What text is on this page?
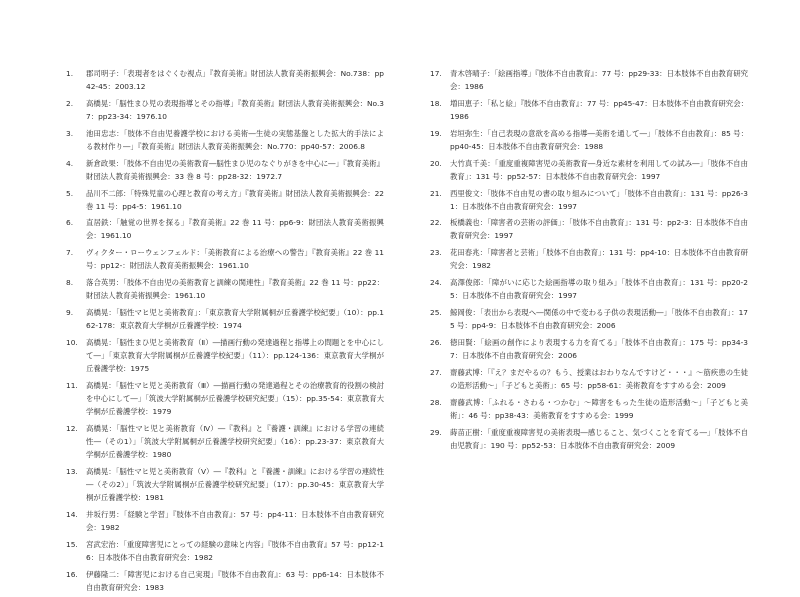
1.	郡司明子：「表現者をはぐくむ視点」『教育美術』財団法人教育美術振興会：No.738：pp42-45：2003.12
2.	高橋晃：「脳性まひ児の表現指導とその指導」『教育美術』財団法人教育美術振興会：No.37：pp23-34：1976.10
3.	池田忠志：「肢体不自由児養護学校における美術―生徒の実態基盤とした拡大的手法による教材作り―」『教育美術』財団法人教育美術振興会：No.770：pp40-57：2006.8
4.	新倉政果：「肢体不自由児の美術教育―脳性まひ児のなぐりがきを中心に―」『教育美術』財団法人教育美術振興会：33 巻 8 号：pp28-32：1972.7
5.	品川不二郎：「特殊児童の心理と教育の考え方」『教育美術』財団法人教育美術振興会：22 巻 11 号：pp4-5：1961.10
6.	直居鉄：「触覚の世界を探る」『教育美術』22 巻 11 号：pp6-9：財団法人教育美術振興会：1961.10
7.	ヴィクター・ローウェンフェルド：「美術教育による治療への警告」『教育美術』22 巻 11 号：pp12-：財団法人教育美術振興会：1961.10
8.	落合英男：「肢体不自由児の美術教育と訓練の関連性」『教育美術』22 巻 11 号：pp22：財団法人教育美術振興会：1961.10
9.	高橋晃：「脳性マヒ児と美術教育」：「東京教育大学附属桐が丘養護学校紀要」（10）：pp.162-178：東京教育大学桐が丘養護学校：1974
10.	高橋晃：「脳性まひ児と美術教育（Ⅱ）―描画行動の発達過程と指導上の問題とを中心にして―」「東京教育大学附属桐が丘養護学校紀要」（11）：pp.124-136：東京教育大学桐が丘養護学校：1975
11.	高橋晃：「脳性マヒ児と美術教育（Ⅲ）―描画行動の発達過程とその治療教育的役割の検討を中心にして―」「筑波大学附属桐が丘養護学校研究紀要」（15）：pp.35-54：東京教育大学桐が丘養護学校：1979
12.	高橋晃：「脳性マヒ児と美術教育（Ⅳ）―『教科』と『養護・訓練』における学習の連続性―（その1）」「筑波大学附属桐が丘養護学校研究紀要」（16）：pp.23-37：東京教育大学桐が丘養護学校：1980
13.	高橋晃：「脳性マヒ児と美術教育（Ⅴ）―『教科』と『養護・訓練』における学習の連続性―（その2）」「筑波大学附属桐が丘養護学校研究紀要」（17）：pp.30-45：東京教育大学桐が丘養護学校：1981
14.	井坂行男：「経験と学習」『肢体不自由教育』：57 号：pp4-11：日本肢体不自由教育研究会：1982
15.	宮武宏治：「重度障害児にとっての経験の意味と内容」『肢体不自由教育』57 号：pp12-16：日本肢体不自由教育研究会：1982
16.	伊藤隆二：「障害児における自己実現」『肢体不自由教育』：63 号：pp6-14：日本肢体不自由教育研究会：1983
17.	青木啓晴子：「絵画指導」『肢体不自由教育』：77 号：pp29-33：日本肢体不自由教育研究会：1986
18.	増田恵子：「私と絵」『肢体不自由教育』：77 号：pp45-47：日本肢体不自由教育研究会：1986
19.	岩垣弥生：「自己表現の意欲を高める指導―美術を通して―」「肢体不自由教育」：85 号：pp40-45：日本肢体不自由教育研究会：1988
20.	大竹真千美：「重度重複障害児の美術教育―身近な素材を利用しての試み―」「肢体不自由教育」：131 号：pp52-57：日本肢体不自由教育研究会：1997
21.	西里俊文：「肢体不自由児の書の取り組みについて」「肢体不自由教育」：131 号：pp26-31：日本肢体不自由教育研究会：1997
22.	板橋義也：「障害者の芸術の評価」：「肢体不自由教育」：131 号：pp2-3：日本肢体不自由教育研究会：1997
23.	花田春兆：「障害者と芸術」「肢体不自由教育」：131 号：pp4-10：日本肢体不自由教育研究会：1982
24.	高澤俊郎：「障がいに応じた絵画指導の取り組み」「肢体不自由教育」：131 号：pp20-25：日本肢体不自由教育研究会：1997
25.	鯨岡俊：「表出から表現へ―関係の中で変わる子供の表現活動―」「肢体不自由教育」：175 号：pp4-9：日本肢体不自由教育研究会：2006
26.	徳田賢：「絵画の創作により表現する力を育てる」「肢体不自由教育」：175 号：pp34-37：日本肢体不自由教育研究会：2006
27.	齋藤武博：「『え？まだやるの？もう、授業はおわりなんですけど・・・』～筋疾患の生徒の造形活動～」「子どもと美術」：65 号：pp58-61：美術教育をすすめる会：2009
28.	齋藤武博：「ふれる・さわる・つかむ」～障害をもった生徒の造形活動～」「子どもと美術」：46 号：pp38-43：美術教育をすすめる会：1999
29.	蒔苗正樹：「重度重複障害児の美術表現―感じること、気づくことを育てる―」「肢体不自由児教育」：190 号：pp52-53：日本肢体不自由教育研究会：2009
